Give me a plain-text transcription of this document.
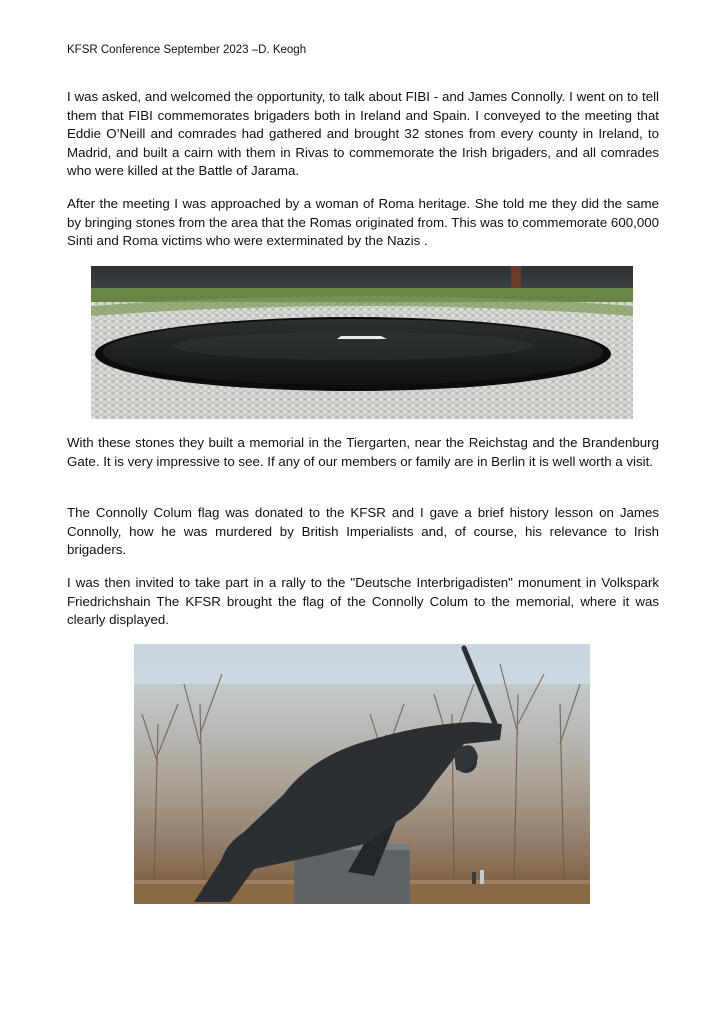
KFSR Conference September 2023 –D. Keogh

I was asked, and welcomed the opportunity, to talk about FIBI - and James Connolly. I went on to tell them that FIBI commemorates brigaders both in Ireland and Spain. I conveyed to the meeting that Eddie O’Neill and comrades had gathered and brought 32 stones from every county in Ireland, to Madrid, and built a cairn with them in Rivas to commemorate the Irish brigaders, and all comrades who were killed at the Battle of Jarama.

After the meeting I was approached by a woman of Roma heritage. She told me they did the same by bringing stones from the area that the Romas originated from. This was to commemorate 600,000 Sinti and Roma victims who were exterminated by the Nazis .

With these stones they built a memorial in the Tiergarten, near the Reichstag and the Brandenburg Gate. It is very impressive to see. If any of our members or family are in Berlin it is well worth a visit.

The Connolly Colum flag was donated to the KFSR and I gave a brief history lesson on James Connolly, how he was murdered by British Imperialists and, of course, his relevance to Irish brigaders.

I was then invited to take part in a rally to the "Deutsche Interbrigadisten" monument in Volkspark Friedrichshain The KFSR brought the flag of the Connolly Colum to the memorial, where it was clearly displayed.
